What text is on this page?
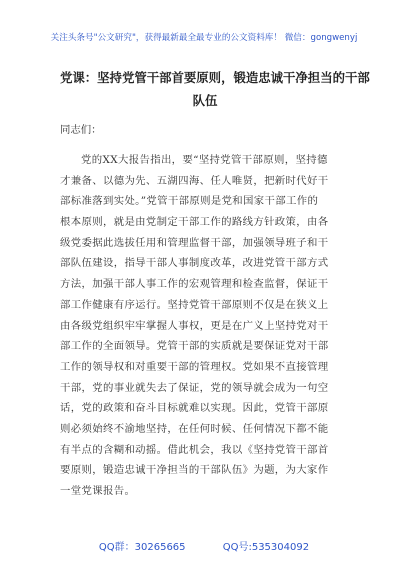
关注头条号"公文研究"，获得最新最全最专业的公文资料库！ 微信：gongwenyj
党课：坚持党管干部首要原则，锻造忠诚干净担当的干部
队伍
同志们：
党的XX大报告指出，要“坚持党管干部原则，坚持德
才兼备、以德为先、五湖四海、任人唯贤，把新时代好干
部标准落到实处。”党管干部原则是党和国家干部工作的
根本原则，就是由党制定干部工作的路线方针政策，由各
级党委据此选拔任用和管理监督干部，加强领导班子和干
部队伍建设，指导干部人事制度改革，改进党管干部方式
方法，加强干部人事工作的宏观管理和检查监督，保证干
部工作健康有序运行。坚持党管干部原则不仅是在狭义上
由各级党组织牢牢掌握人事权，更是在广义上坚持党对干
部工作的全面领导。党管干部的实质就是要保证党对干部
工作的领导权和对重要干部的管理权。党如果不直接管理
干部，党的事业就失去了保证，党的领导就会成为一句空
话，党的政策和奋斗目标就难以实现。因此，党管干部原
则必须始终不渝地坚持，在任何时候、任何情况下都不能
有半点的含糊和动摇。借此机会，我以《坚持党管干部首
要原则，锻造忠诚干净担当的干部队伍》为题，为大家作
一堂党课报告。
QQ群：30265665	QQ号:535304092
